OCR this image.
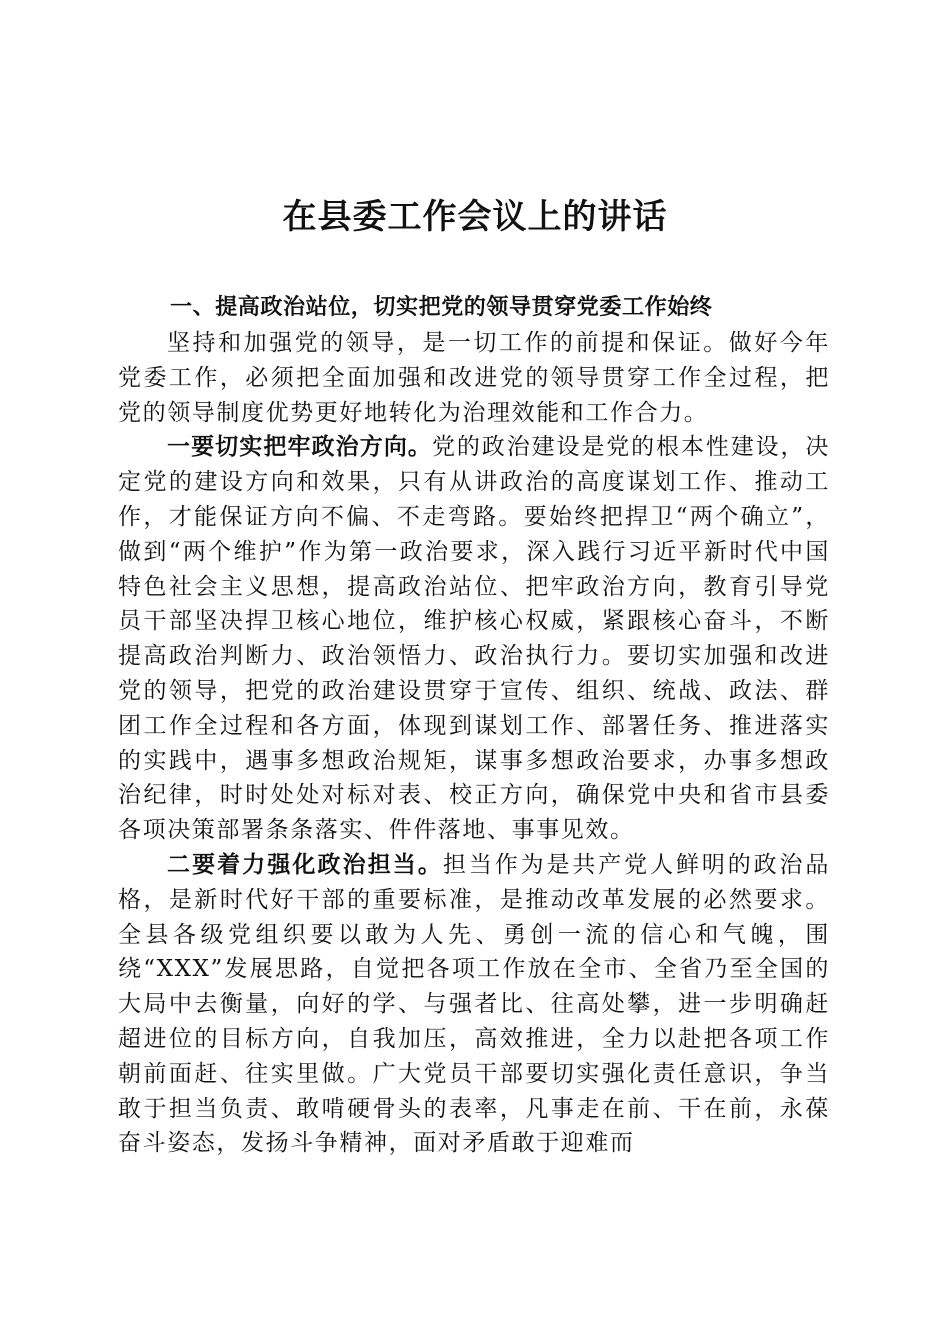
在县委工作会议上的讲话

一、提高政治站位，切实把党的领导贯穿党委工作始终

坚持和加强党的领导，是一切工作的前提和保证。做好今年党委工作，必须把全面加强和改进党的领导贯穿工作全过程，把党的领导制度优势更好地转化为治理效能和工作合力。

一要切实把牢政治方向。党的政治建设是党的根本性建设，决定党的建设方向和效果，只有从讲政治的高度谋划工作、推动工作，才能保证方向不偏、不走弯路。要始终把捍卫“两个确立”，做到“两个维护”作为第一政治要求，深入践行习近平新时代中国特色社会主义思想，提高政治站位、把牢政治方向，教育引导党员干部坚决捍卫核心地位，维护核心权威，紧跟核心奋斗，不断提高政治判断力、政治领悟力、政治执行力。要切实加强和改进党的领导，把党的政治建设贯穿于宣传、组织、统战、政法、群团工作全过程和各方面，体现到谋划工作、部署任务、推进落实的实践中，遇事多想政治规矩，谋事多想政治要求，办事多想政治纪律，时时处处对标对表、校正方向，确保党中央和省市县委各项决策部署条条落实、件件落地、事事见效。

二要着力强化政治担当。担当作为是共产党人鲜明的政治品格，是新时代好干部的重要标准，是推动改革发展的必然要求。全县各级党组织要以敢为人先、勇创一流的信心和气魄，围绕“XXX”发展思路，自觉把各项工作放在全市、全省乃至全国的大局中去衡量，向好的学、与强者比、往高处攀，进一步明确赶超进位的目标方向，自我加压，高效推进，全力以赴把各项工作朝前面赶、往实里做。广大党员干部要切实强化责任意识，争当敢于担当负责、敢啃硬骨头的表率，凡事走在前、干在前，永葆奋斗姿态，发扬斗争精神，面对矛盾敢于迎难而
